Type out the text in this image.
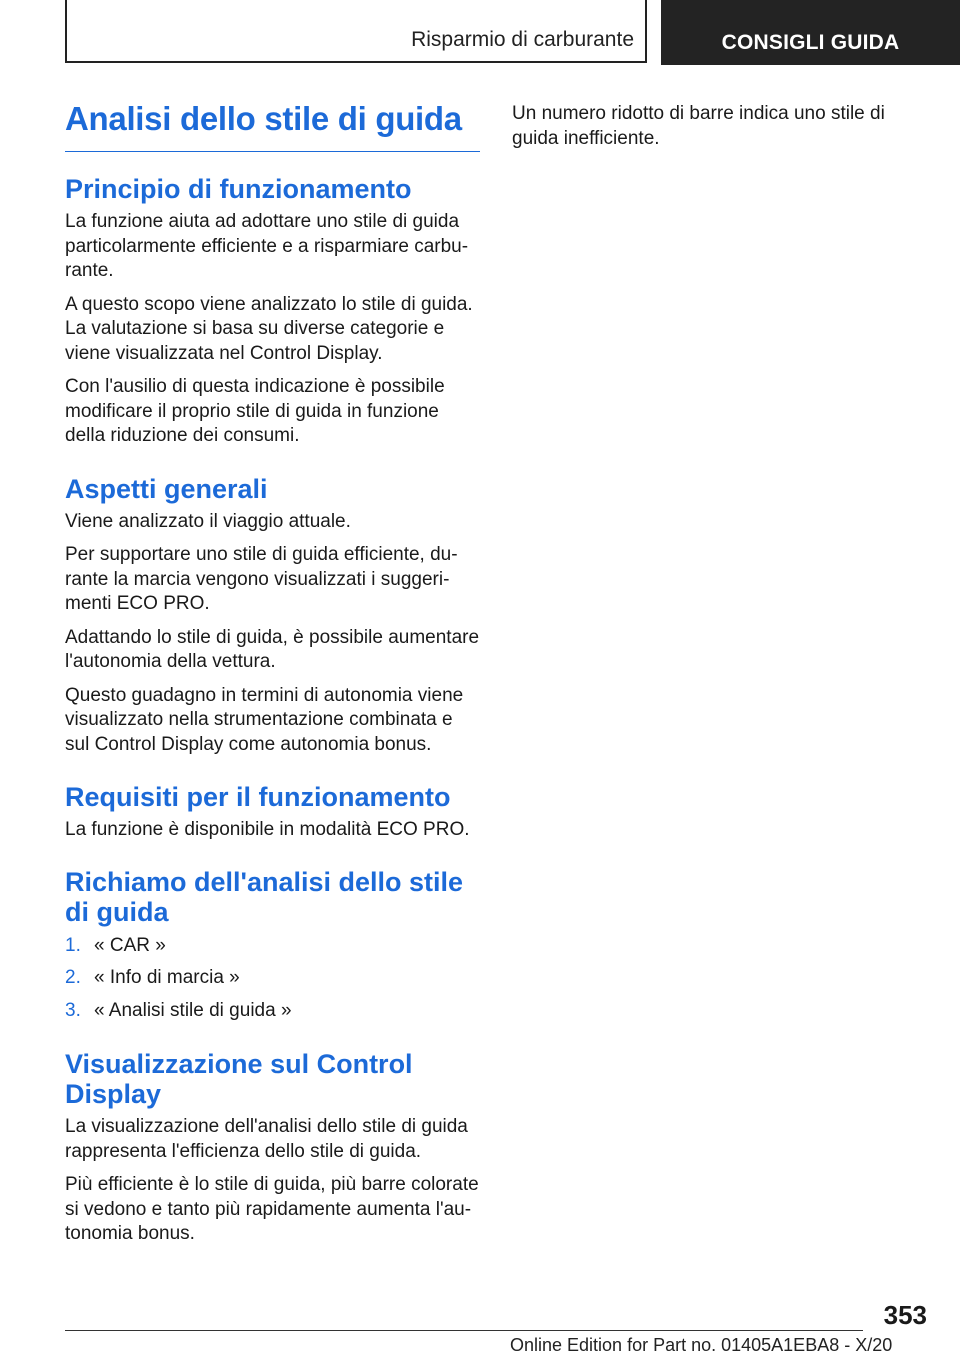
Risparmio di carburante	CONSIGLI GUIDA
Analisi dello stile di guida
Principio di funzionamento

La funzione aiuta ad adottare uno stile di guida particolarmente efficiente e a risparmiare carbu-rante.

A questo scopo viene analizzato lo stile di guida. La valutazione si basa su diverse categorie e viene visualizzata nel Control Display.

Con l'ausilio di questa indicazione è possibile modificare il proprio stile di guida in funzione della riduzione dei consumi.

Aspetti generali

Viene analizzato il viaggio attuale.

Per supportare uno stile di guida efficiente, du-rante la marcia vengono visualizzati i suggeri-menti ECO PRO.

Adattando lo stile di guida, è possibile aumentare l'autonomia della vettura.

Questo guadagno in termini di autonomia viene visualizzato nella strumentazione combinata e sul Control Display come autonomia bonus.

Requisiti per il funzionamento

La funzione è disponibile in modalità ECO PRO.

Richiamo dell'analisi dello stile di guida
1. « CAR »
2. « Info di marcia »
3. « Analisi stile di guida »
Visualizzazione sul Control Display

La visualizzazione dell'analisi dello stile di guida rappresenta l'efficienza dello stile di guida.

Più efficiente è lo stile di guida, più barre colorate si vedono e tanto più rapidamente aumenta l'au-tonomia bonus.

Un numero ridotto di barre indica uno stile di guida inefficiente.

353
Online Edition for Part no. 01405A1EBA8 - X/20
